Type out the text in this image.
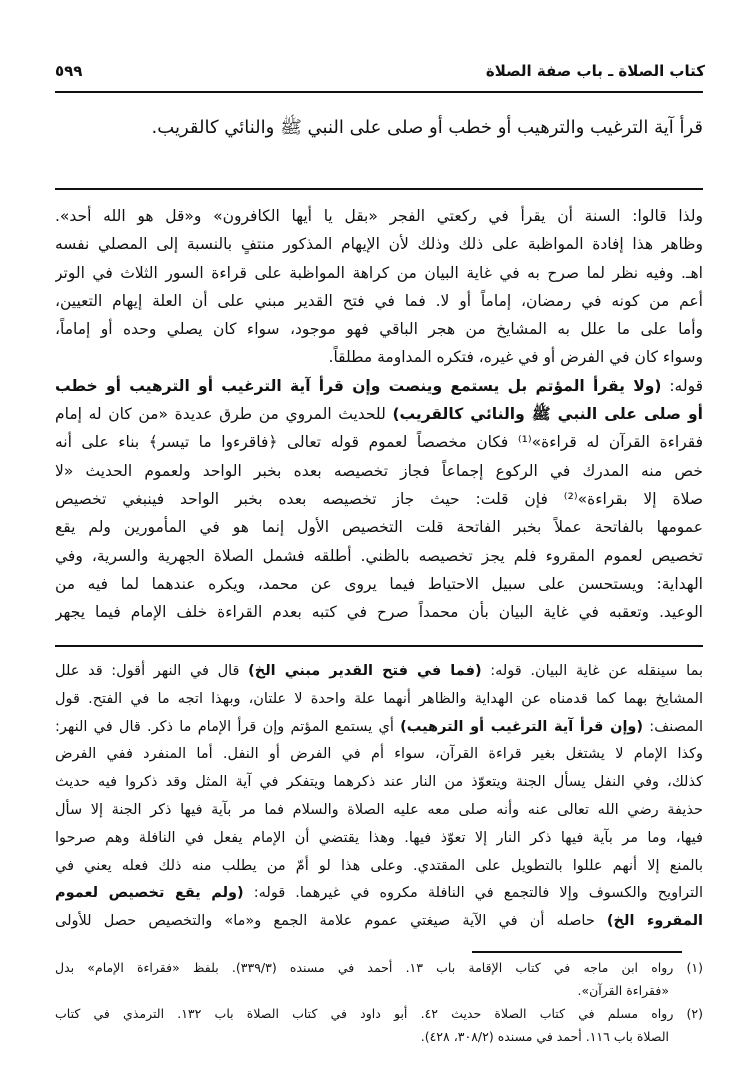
كتاب الصلاة ـ باب صفة الصلاة
٥٩٩
قرأ آية الترغيب والترهيب أو خطب أو صلى على النبي ﷺ والنائي كالقريب.
ولذا قالوا: السنة أن يقرأ في ركعتي الفجر «بقل يا أيها الكافرون» و«قل هو الله أحد».
وظاهر هذا إفادة المواظبة على ذلك وذلك لأن الإيهام المذكور منتفٍ بالنسبة إلى المصلي نفسه
اهـ. وفيه نظر لما صرح به في غاية البيان من كراهة المواظبة على قراءة السور الثلاث في الوتر
أعم من كونه في رمضان، إماماً أو لا. فما في فتح القدير مبني على أن العلة إيهام التعيين،
وأما على ما علل به المشايخ من هجر الباقي فهو موجود، سواء كان يصلي وحده أو إماماً،
وسواء كان في الفرض أو في غيره، فتكره المداومة مطلقاً.
قوله: (ولا يقرأ المؤتم بل يستمع وينصت وإن قرأ آية الترغيب أو الترهيب أو خطب
أو صلى على النبي ﷺ والنائي كالقريب) للحديث المروي من طرق عديدة «من كان له إمام
فقراءة القرآن له قراءة»⁽¹⁾ فكان مخصصاً لعموم قوله تعالى ﴿فاقرءوا ما تيسر﴾ بناء على أنه
خص منه المدرك في الركوع إجماعاً فجاز تخصيصه بعده بخبر الواحد ولعموم الحديث «لا
صلاة إلا بقراءة»⁽²⁾ فإن قلت: حيث جاز تخصيصه بعده بخبر الواحد فينبغي تخصيص
عمومها بالفاتحة عملاً بخبر الفاتحة قلت التخصيص الأول إنما هو في المأمورين ولم يقع
تخصيص لعموم المقروء فلم يجز تخصيصه بالظني. أطلقه فشمل الصلاة الجهرية والسرية، وفي
الهداية: ويستحسن على سبيل الاحتياط فيما يروى عن محمد، ويكره عندهما لما فيه من
الوعيد. وتعقبه في غاية البيان بأن محمداً صرح في كتبه بعدم القراءة خلف الإمام فيما يجهر
بما سينقله عن غاية البيان. قوله: (فما في فتح القدير مبني الخ) قال في النهر أقول: قد علل
المشايخ بهما كما قدمناه عن الهداية والظاهر أنهما علة واحدة لا علتان، وبهذا اتجه ما في الفتح. قول
المصنف: (وإن قرأ آية الترغيب أو الترهيب) أي يستمع المؤتم وإن قرأ الإمام ما ذكر. قال في النهر:
وكذا الإمام لا يشتغل بغير قراءة القرآن، سواء أم في الفرض أو النفل. أما المنفرد ففي الفرض
كذلك، وفي النفل يسأل الجنة ويتعوّذ من النار عند ذكرهما ويتفكر في آية المثل وقد ذكروا فيه حديث
حذيفة رضي الله تعالى عنه وأنه صلى معه عليه الصلاة والسلام فما مر بآية فيها ذكر الجنة إلا سأل
فيها، وما مر بآية فيها ذكر النار إلا تعوّذ فيها. وهذا يقتضي أن الإمام يفعل في النافلة وهم صرحوا
بالمنع إلا أنهم عللوا بالتطويل على المقتدي. وعلى هذا لو أمّ من يطلب منه ذلك فعله يعني في
التراويح والكسوف وإلا فالتجمع في النافلة مكروه في غيرهما. قوله: (ولم يقع تخصيص لعموم
المقروء الخ) حاصله أن في الآية صيغتي عموم علامة الجمع و«ما» والتخصيص حصل للأولى
(١) رواه ابن ماجه في كتاب الإقامة باب ١٣. أحمد في مسنده (٣٣٩/٣). بلفظ «فقراءة الإمام» بدل
«فقراءة القرآن».
(٢) رواه مسلم في كتاب الصلاة حديث ٤٢. أبو داود في كتاب الصلاة باب ١٣٢. الترمذي في كتاب
الصلاة باب ١١٦. أحمد في مسنده (٣٠٨/٢، ٤٢٨).
